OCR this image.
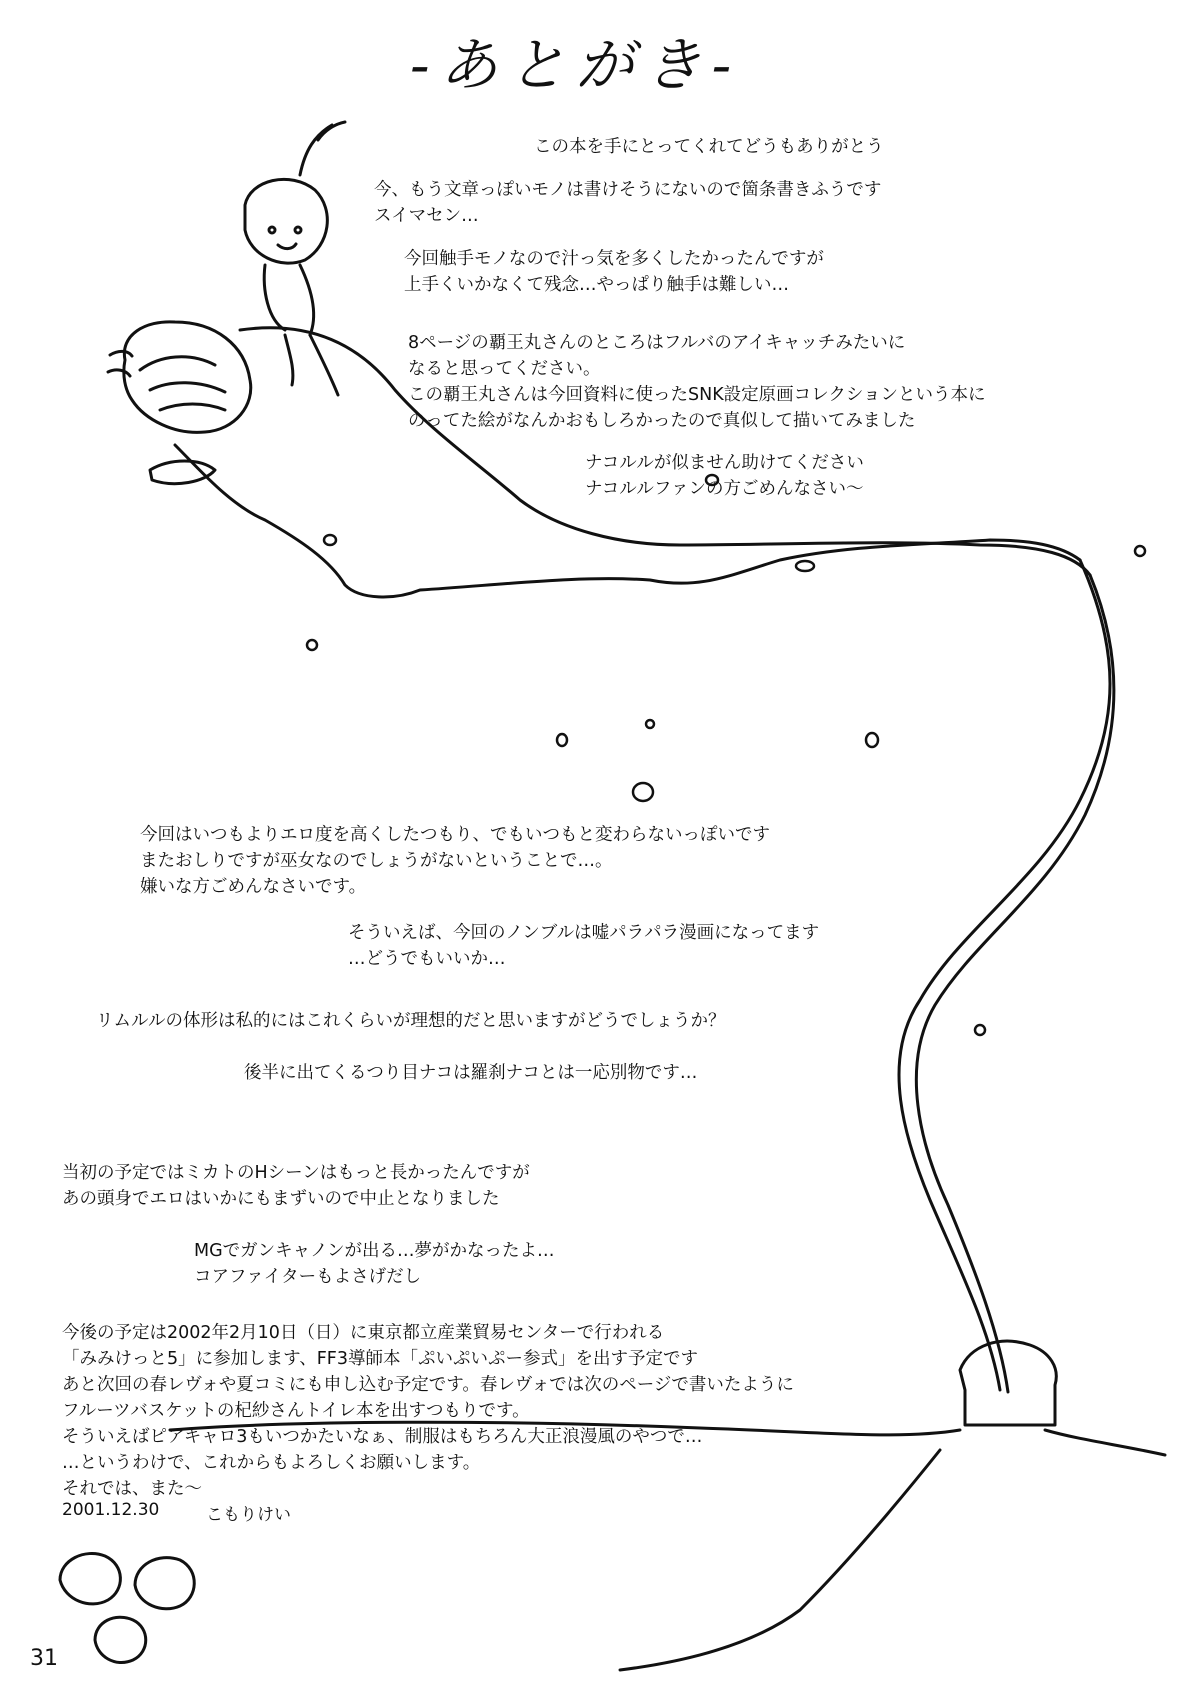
-あとがき-
この本を手にとってくれてどうもありがとう
今、もう文章っぽいモノは書けそうにないので箇条書きふうです
スイマセン…
今回触手モノなので汁っ気を多くしたかったんですが
上手くいかなくて残念…やっぱり触手は難しい…
8ページの覇王丸さんのところはフルバのアイキャッチみたいに
なると思ってください。
この覇王丸さんは今回資料に使ったSNK設定原画コレクションという本に
のってた絵がなんかおもしろかったので真似して描いてみました
ナコルルが似ません助けてください
ナコルルファンの方ごめんなさい～
今回はいつもよりエロ度を高くしたつもり、でもいつもと変わらないっぽいです
またおしりですが巫女なのでしょうがないということで…。
嫌いな方ごめんなさいです。
そういえば、今回のノンブルは嘘パラパラ漫画になってます
…どうでもいいか…
リムルルの体形は私的にはこれくらいが理想的だと思いますがどうでしょうか？
後半に出てくるつり目ナコは羅刹ナコとは一応別物です…
当初の予定ではミカトのHシーンはもっと長かったんですが
あの頭身でエロはいかにもまずいので中止となりました
MGでガンキャノンが出る…夢がかなったよ…
コアファイターもよさげだし
今後の予定は2002年2月10日（日）に東京都立産業貿易センターで行われる
「みみけっと5」に参加します、FF3導師本「ぷいぷいぷー参式」を出す予定です
あと次回の春レヴォや夏コミにも申し込む予定です。春レヴォでは次のページで書いたように
フルーツバスケットの杞紗さんトイレ本を出すつもりです。
そういえばピアキャロ3もいつかたいなぁ、制服はもちろん大正浪漫風のやつで…
…というわけで、これからもよろしくお願いします。
それでは、また～
2001.12.30	こもりけい
31
